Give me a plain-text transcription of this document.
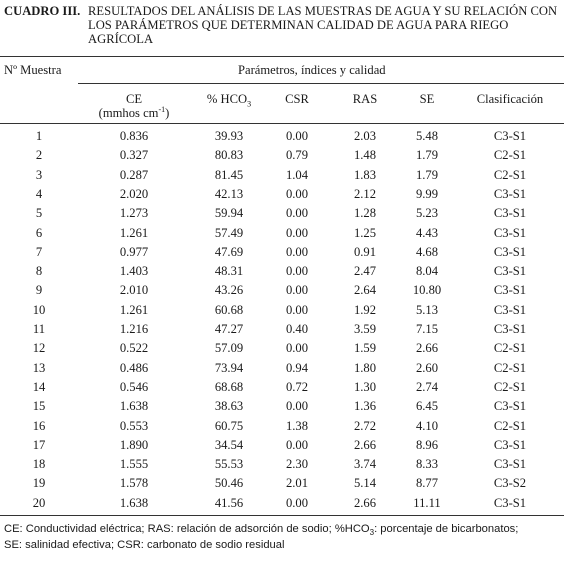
CUADRO III. RESULTADOS DEL ANÁLISIS DE LAS MUESTRAS DE AGUA Y SU RELACIÓN CON LOS PARÁMETROS QUE DETERMINAN CALIDAD DE AGUA PARA RIEGO AGRÍCOLA
Nº Muestra	Parámetros, índices y calidad
CE
(mmhos $cm^{-1}$)
% $HCO_3$	CSR	RAS	SE	Clasificación
1	0.836	39.93	0.00	2.03	5.48	C3-S1
2	0.327	80.83	0.79	1.48	1.79	C2-S1
3	0.287	81.45	1.04	1.83	1.79	C2-S1
4	2.020	42.13	0.00	2.12	9.99	C3-S1
5	1.273	59.94	0.00	1.28	5.23	C3-S1
6	1.261	57.49	0.00	1.25	4.43	C3-S1
7	0.977	47.69	0.00	0.91	4.68	C3-S1
8	1.403	48.31	0.00	2.47	8.04	C3-S1
9	2.010	43.26	0.00	2.64	10.80	C3-S1
10	1.261	60.68	0.00	1.92	5.13	C3-S1
11	1.216	47.27	0.40	3.59	7.15	C3-S1
12	0.522	57.09	0.00	1.59	2.66	C2-S1
13	0.486	73.94	0.94	1.80	2.60	C2-S1
14	0.546	68.68	0.72	1.30	2.74	C2-S1
15	1.638	38.63	0.00	1.36	6.45	C3-S1
16	0.553	60.75	1.38	2.72	4.10	C2-S1
17	1.890	34.54	0.00	2.66	8.96	C3-S1
18	1.555	55.53	2.30	3.74	8.33	C3-S1
19	1.578	50.46	2.01	5.14	8.77	C3-S2
20	1.638	41.56	0.00	2.66	11.11	C3-S1
CE: Conductividad eléctrica; RAS: relación de adsorción de sodio; $\%HCO_3$: porcentaje de bicarbonatos;
SE: salinidad efectiva; CSR: carbonato de sodio residual
